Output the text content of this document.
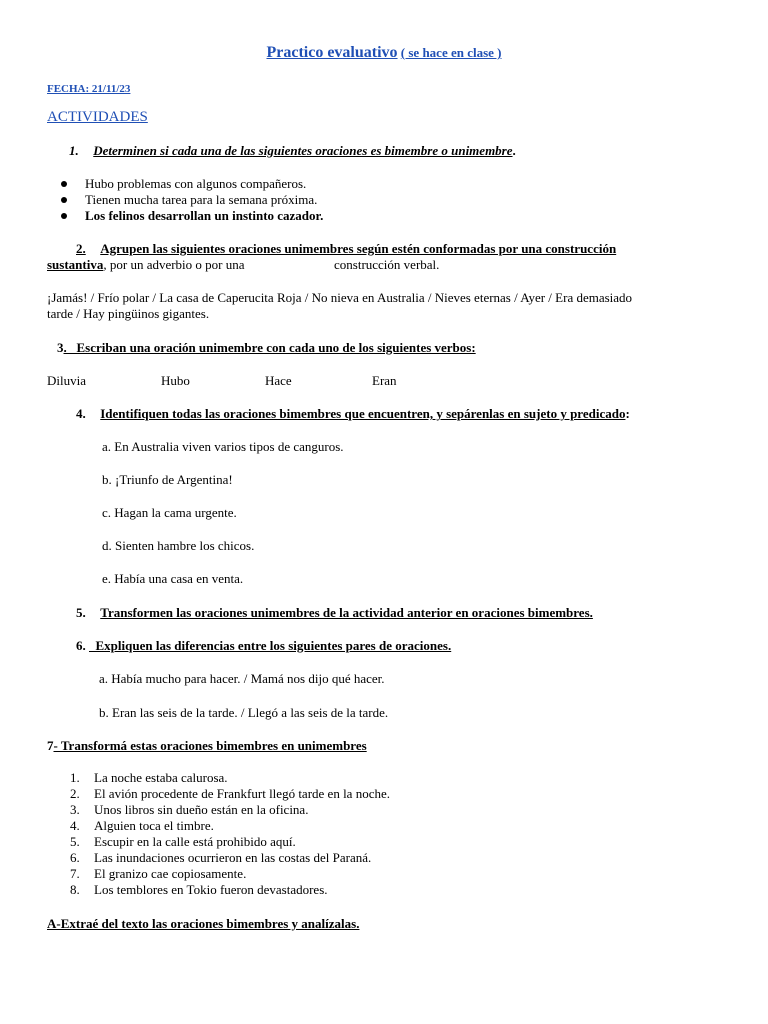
Practico evaluativo ( se hace en clase )
FECHA: 21/11/23
ACTIVIDADES
1. Determinen si cada una de las siguientes oraciones es bimembre o unimembre.
Hubo problemas con algunos compañeros.
Tienen mucha tarea para la semana próxima.
Los felinos desarrollan un instinto cazador.
2. Agrupen las siguientes oraciones unimembres según estén conformadas por una construcción
sustantiva, por un adverbio o por una	construcción verbal.
¡Jamás! / Frío polar / La casa de Caperucita Roja / No nieva en Australia / Nieves eternas / Ayer / Era demasiado
tarde / Hay pingüinos gigantes.
3.   Escriban una oración unimembre con cada uno de los siguientes verbos:
Diluvia	Hubo	Hace	Eran
4. Identifiquen todas las oraciones bimembres que encuentren, y sepárenlas en sujeto y predicado:
a. En Australia viven varios tipos de canguros.
b. ¡Triunfo de Argentina!
c. Hagan la cama urgente.
d. Sienten hambre los chicos.
e. Había una casa en venta.
5. Transformen las oraciones unimembres de la actividad anterior en oraciones bimembres.
6.   Expliquen las diferencias entre los siguientes pares de oraciones.
a. Había mucho para hacer. / Mamá nos dijo qué hacer.
b. Eran las seis de la tarde. / Llegó a las seis de la tarde.
7- Transformá estas oraciones bimembres en unimembres
1. La noche estaba calurosa.
2. El avión procedente de Frankfurt llegó tarde en la noche.
3. Unos libros sin dueño están en la oficina.
4. Alguien toca el timbre.
5. Escupir en la calle está prohibido aquí.
6. Las inundaciones ocurrieron en las costas del Paraná.
7. El granizo cae copiosamente.
8. Los temblores en Tokio fueron devastadores.
A-Extraé del texto las oraciones bimembres y analízalas.
